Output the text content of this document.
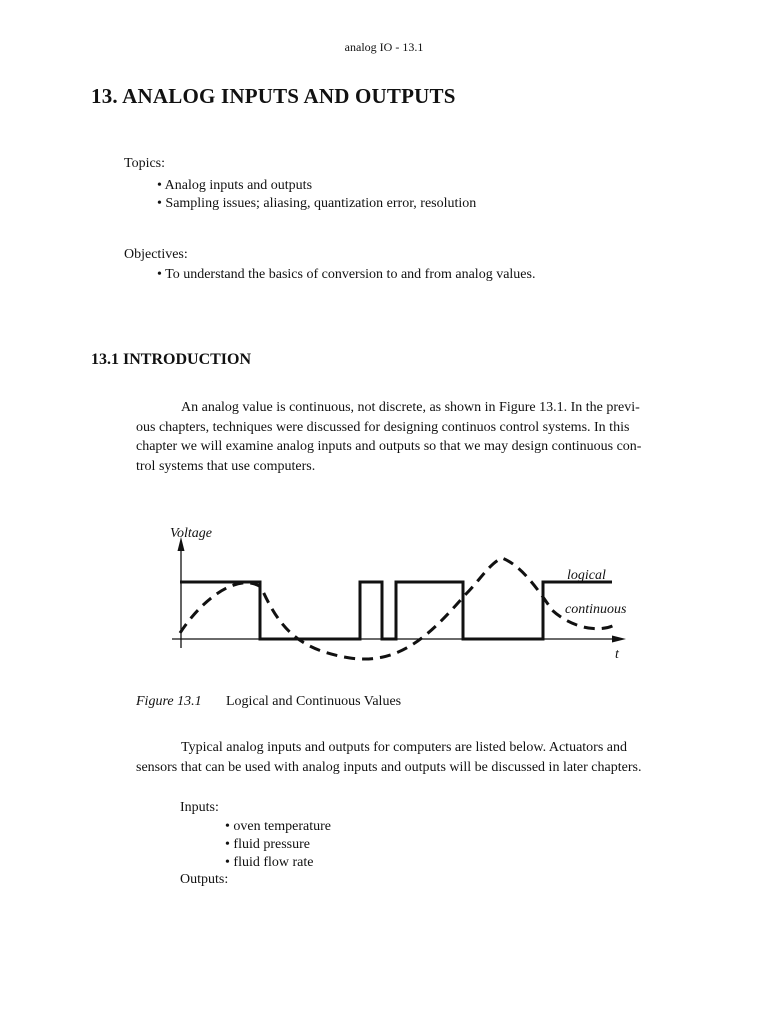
analog IO - 13.1
13. ANALOG INPUTS AND OUTPUTS
Topics:
• Analog inputs and outputs
• Sampling issues; aliasing, quantization error, resolution
Objectives:
• To understand the basics of conversion to and from analog values.
13.1 INTRODUCTION

An analog value is continuous, not discrete, as shown in Figure 13.1. In the previ-

ous chapters, techniques were discussed for designing continuos control systems. In this

chapter we will examine analog inputs and outputs so that we may design continuous con-

trol systems that use computers.

Voltage
t
logical
continuous
Figure 13.1 Logical and Continuous Values

Typical analog inputs and outputs for computers are listed below. Actuators and

sensors that can be used with analog inputs and outputs will be discussed in later chapters.

Inputs:
• oven temperature
• fluid pressure
• fluid flow rate
Outputs:
